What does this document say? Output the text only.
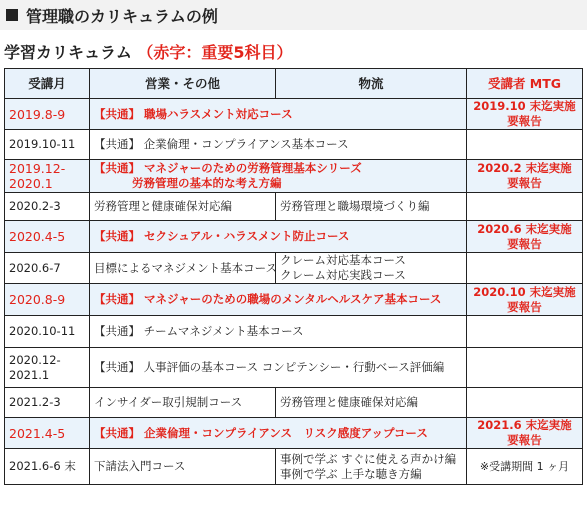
管理職のカリキュラムの例
学習カリキュラム （赤字：重要5科目）
受講月	営業・その他	物流	受講者 MTG

2019.8-9	【共通】 職場ハラスメント対応コース		2019.10 末迄実施
要報告

2019.10-11	【共通】 企業倫理・コンプライアンス基本コース		

2019.12-
2020.1	【共通】 マネジャーのための労務管理基本シリーズ
労務管理の基本的な考え方編		2020.2 末迄実施
要報告

2020.2-3	労務管理と健康確保対応編	労務管理と職場環境づくり編	

2020.4-5	【共通】 セクシュアル・ハラスメント防止コース		2020.6 末迄実施
要報告

2020.6-7	目標によるマネジメント基本コース	クレーム対応基本コース
クレーム対応実践コース	

2020.8-9	【共通】 マネジャーのための職場のメンタルヘルスケア基本コース		2020.10 末迄実施
要報告

2020.10-11	【共通】 チームマネジメント基本コース		

2020.12-
2021.1	【共通】 人事評価の基本コース コンピテンシー・行動ベース評価編		

2021.2-3	インサイダー取引規制コース	労務管理と健康確保対応編	

2021.4-5	【共通】 企業倫理・コンプライアンス　リスク感度アップコース		2021.6 末迄実施
要報告

2021.6-6 末	下請法入門コース	事例で学ぶ すぐに使える声かけ編
事例で学ぶ 上手な聴き方編	※受講期間 1 ヶ月
